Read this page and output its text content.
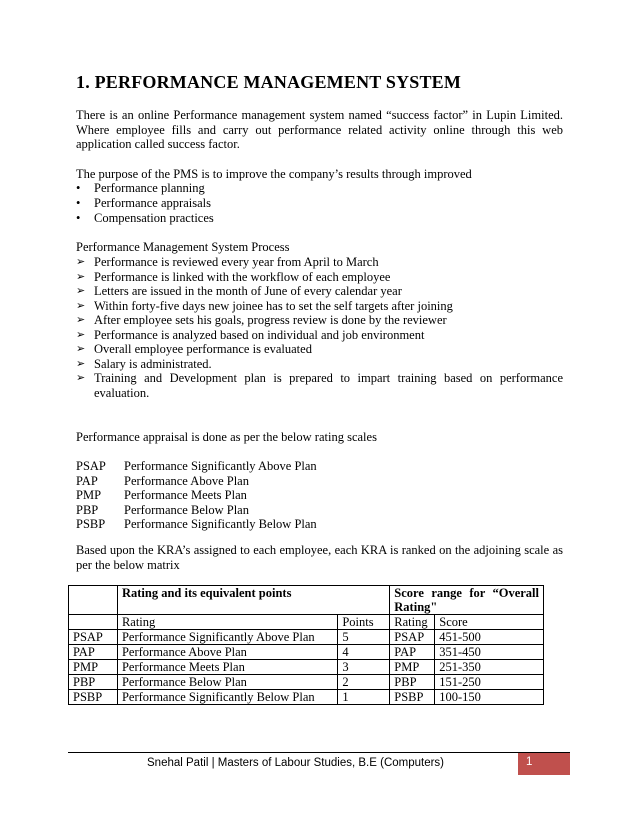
1. PERFORMANCE MANAGEMENT SYSTEM
There is an online Performance management system named “success factor” in Lupin Limited. Where employee fills and carry out performance related activity online through this web application called success factor.
The purpose of the PMS is to improve the company’s results through improved
•	Performance planning
•	Performance appraisals
•	Compensation practices
Performance Management System Process
➢ Performance is reviewed every year from April to March
➢ Performance is linked with the workflow of each employee
➢ Letters are issued in the month of June of every calendar year
➢ Within forty-five days new joinee has to set the self targets after joining
➢ After employee sets his goals, progress review is done by the reviewer
➢ Performance is analyzed based on individual and job environment
➢ Overall employee performance is evaluated
➢ Salary is administrated.
➢ Training and Development plan is prepared to impart training based on performance evaluation.
Performance appraisal is done as per the below rating scales
PSAP	Performance Significantly Above Plan
PAP	Performance Above Plan
PMP	Performance Meets Plan
PBP	Performance Below Plan
PSBP	Performance Significantly Below Plan
Based upon the KRA’s assigned to each employee, each KRA is ranked on the adjoining scale as per the below matrix
	Rating and its equivalent points		Score range for “Overall Rating"	
	Rating	Points	Rating	Score
PSAP	Performance Significantly Above Plan	5	PSAP	451-500
PAP	Performance Above Plan	4	PAP	351-450
PMP	Performance Meets Plan	3	PMP	251-350
PBP	Performance Below Plan	2	PBP	151-250
PSBP	Performance Significantly Below Plan	1	PSBP	100-150
Snehal Patil | Masters of Labour Studies, B.E (Computers)	1
